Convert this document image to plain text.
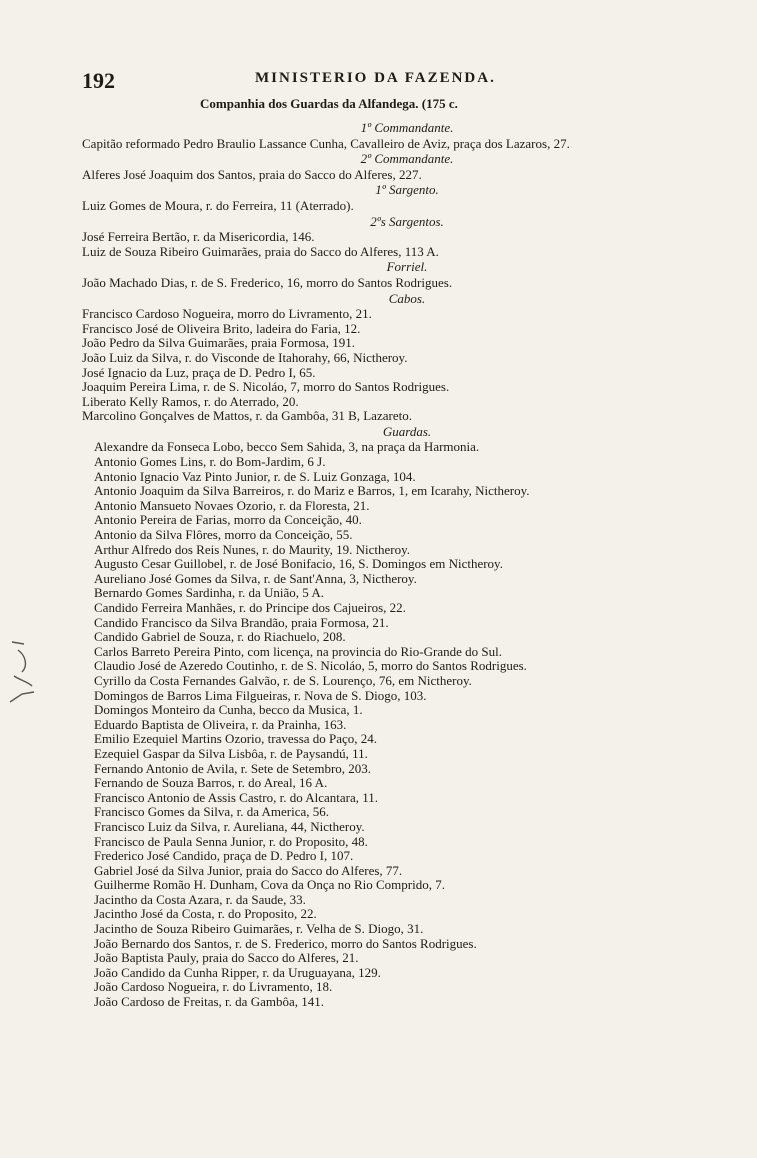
192	MINISTERIO DA FAZENDA.
Companhia dos Guardas da Alfandega. (175 c.
1º Commandante.
Capitão reformado Pedro Braulio Lassance Cunha, Cavalleiro de Aviz, praça dos Lazaros, 27.
2º Commandante.
Alferes José Joaquim dos Santos, praia do Sacco do Alferes, 227.
1º Sargento.
Luiz Gomes de Moura, r. do Ferreira, 11 (Aterrado).
2ºs Sargentos.
José Ferreira Bertão, r. da Misericordia, 146.
Luiz de Souza Ribeiro Guimarães, praia do Sacco do Alferes, 113 A.
Forriel.
João Machado Dias, r. de S. Frederico, 16, morro do Santos Rodrigues.
Cabos.
Francisco Cardoso Nogueira, morro do Livramento, 21.
Francisco José de Oliveira Brito, ladeira do Faria, 12.
João Pedro da Silva Guimarães, praia Formosa, 191.
João Luiz da Silva, r. do Visconde de Itahorahy, 66, Nictheroy.
José Ignacio da Luz, praça de D. Pedro I, 65.
Joaquim Pereira Lima, r. de S. Nicoláo, 7, morro do Santos Rodrigues.
Liberato Kelly Ramos, r. do Aterrado, 20.
Marcolino Gonçalves de Mattos, r. da Gambôa, 31 B, Lazareto.
Guardas.
Alexandre da Fonseca Lobo, becco Sem Sahida, 3, na praça da Harmonia.
Antonio Gomes Lins, r. do Bom-Jardim, 6 J.
Antonio Ignacio Vaz Pinto Junior, r. de S. Luiz Gonzaga, 104.
Antonio Joaquim da Silva Barreiros, r. do Mariz e Barros, 1, em Icarahy, Nictheroy.
Antonio Mansueto Novaes Ozorio, r. da Floresta, 21.
Antonio Pereira de Farias, morro da Conceição, 40.
Antonio da Silva Flôres, morro da Conceição, 55.
Arthur Alfredo dos Reis Nunes, r. do Maurity, 19. Nictheroy.
Augusto Cesar Guillobel, r. de José Bonifacio, 16, S. Domingos em Nictheroy.
Aureliano José Gomes da Silva, r. de Sant'Anna, 3, Nictheroy.
Bernardo Gomes Sardinha, r. da União, 5 A.
Candido Ferreira Manhães, r. do Principe dos Cajueiros, 22.
Candido Francisco da Silva Brandão, praia Formosa, 21.
Candido Gabriel de Souza, r. do Riachuelo, 208.
Carlos Barreto Pereira Pinto, com licença, na provincia do Rio-Grande do Sul.
Claudio José de Azeredo Coutinho, r. de S. Nicoláo, 5, morro do Santos Rodrigues.
Cyrillo da Costa Fernandes Galvão, r. de S. Lourenço, 76, em Nictheroy.
Domingos de Barros Lima Filgueiras, r. Nova de S. Diogo, 103.
Domingos Monteiro da Cunha, becco da Musica, 1.
Eduardo Baptista de Oliveira, r. da Prainha, 163.
Emilio Ezequiel Martins Ozorio, travessa do Paço, 24.
Ezequiel Gaspar da Silva Lisbôa, r. de Paysandú, 11.
Fernando Antonio de Avila, r. Sete de Setembro, 203.
Fernando de Souza Barros, r. do Areal, 16 A.
Francisco Antonio de Assis Castro, r. do Alcantara, 11.
Francisco Gomes da Silva, r. da America, 56.
Francisco Luiz da Silva, r. Aureliana, 44, Nictheroy.
Francisco de Paula Senna Junior, r. do Proposito, 48.
Frederico José Candido, praça de D. Pedro I, 107.
Gabriel José da Silva Junior, praia do Sacco do Alferes, 77.
Guilherme Romão H. Dunham, Cova da Onça no Rio Comprido, 7.
Jacintho da Costa Azara, r. da Saude, 33.
Jacintho José da Costa, r. do Proposito, 22.
Jacintho de Souza Ribeiro Guimarães, r. Velha de S. Diogo, 31.
João Bernardo dos Santos, r. de S. Frederico, morro do Santos Rodrigues.
João Baptista Pauly, praia do Sacco do Alferes, 21.
João Candido da Cunha Ripper, r. da Uruguayana, 129.
João Cardoso Nogueira, r. do Livramento, 18.
João Cardoso de Freitas, r. da Gambôa, 141.
